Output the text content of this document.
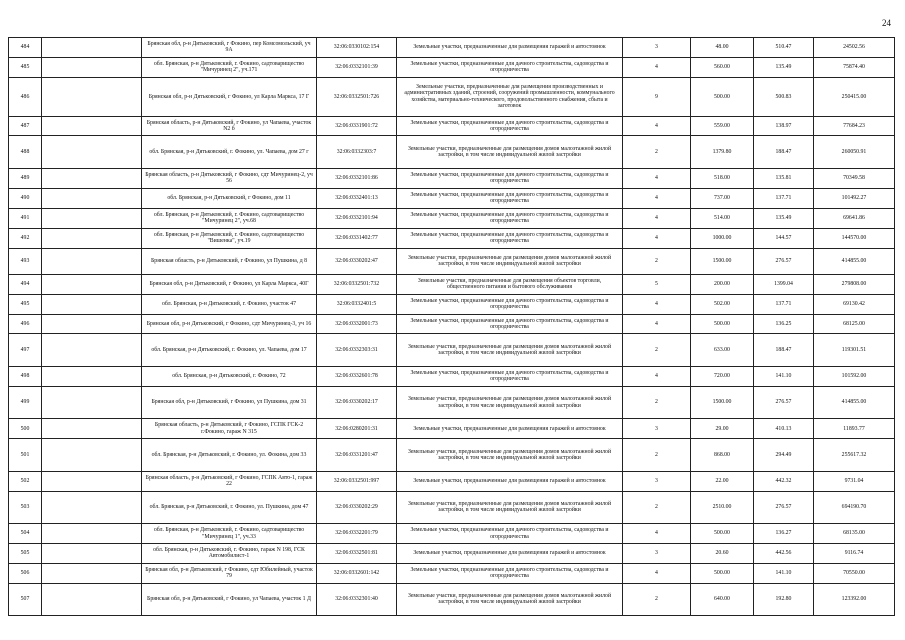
24
484		Брянская обл, р-н Дятьковский, г Фокино, пер Комсомольский, уч 9А	32:06:0330102:154	Земельные участки, предназначенные для размещения гаражей и автостоянок	3	48.00	510.47	24502.56
485		обл. Брянская, р-н Дятьковский, г. Фокино, садтоварищество "Мичуринец 2", уч.171	32:06:0332101:39	Земельные участки, предназначенные для дачного строительства, садоводства и огородничества	4	560.00	135.49	75874.40
486		Брянская обл, р-н Дятьковский, г Фокино, ул Карла Маркса, 17 Г	32:06:0332501:726	Земельные участки, предназначенные для размещения производственных и административных зданий, строений, сооружений промышленности, коммунального хозяйства, материально-технического, продовольственного снабжения, сбыта и заготовок	9	500.00	500.83	250415.00
487		Брянская область, р-н Дятьковский, г Фокино, ул Чапаева, участок N2 б	32:06:0331901:72	Земельные участки, предназначенные для дачного строительства, садоводства и огородничества	4	559.00	138.97	77684.23
488		обл. Брянская, р-н Дятьковский, г. Фокино, ул. Чапаева, дом 27 г	32:06:0332303:7	Земельные участки, предназначенные для размещения домов малоэтажной жилой застройки, в том числе индивидуальной жилой застройки	2	1379.80	188.47	260050.91
489		Брянская область, р-н Дятьковский, г Фокино, сдт Мичуринец-2, уч 56	32:06:0332101:86	Земельные участки, предназначенные для дачного строительства, садоводства и огородничества	4	518.00	135.81	70349.58
490		обл. Брянская, р-н Дятьковский, г Фокино, дом 11	32:06:0332401:13	Земельные участки, предназначенные для дачного строительства, садоводства и огородничества	4	737.00	137.71	101492.27
491		обл. Брянская, р-н Дятьковский, г. Фокино, садтоварищество "Мичуринец 2", уч.68	32:06:0332101:94	Земельные участки, предназначенные для дачного строительства, садоводства и огородничества	4	514.00	135.49	69641.86
492		обл. Брянская, р-н Дятьковский, г. Фокино, садтоварищество "Вишенка", уч.19	32:06:0331402:77	Земельные участки, предназначенные для дачного строительства, садоводства и огородничества	4	1000.00	144.57	144570.00
493		Брянская область, р-н Дятьковский, г Фокино, ул Пушкина, д 8	32:06:0330202:47	Земельные участки, предназначенные для размещения домов малоэтажной жилой застройки, в том числе индивидуальной жилой застройки	2	1500.00	276.57	414855.00
494		Брянская обл, р-н Дятьковский, г Фокино, ул Карла Маркса, 40Г	32:06:0332501:732	Земельные участки, предназначенные для размещения объектов торговли, общественного питания и бытового обслуживания	5	200.00	1399.04	279808.00
495		обл. Брянская, р-н Дятьковский, г. Фокино, участок 47	32:06:0332401:5	Земельные участки, предназначенные для дачного строительства, садоводства и огородничества	4	502.00	137.71	69130.42
496		Брянская обл, р-н Дятьковский, г Фокино, сдт Мичуринец-3, уч 16	32:06:0332001:73	Земельные участки, предназначенные для дачного строительства, садоводства и огородничества	4	500.00	136.25	68125.00
497		обл. Брянская, р-н Дятьковский, г. Фокино, ул. Чапаева, дом 17	32:06:0332303:31	Земельные участки, предназначенные для размещения домов малоэтажной жилой застройки, в том числе индивидуальной жилой застройки	2	633.00	188.47	119301.51
498		обл. Брянская, р-н Дятьковский, г. Фокино, 72	32:06:0332601:78	Земельные участки, предназначенные для дачного строительства, садоводства и огородничества	4	720.00	141.10	101592.00
499		Брянская обл, р-н Дятьковский, г Фокино, ул Пушкина, дом 31	32:06:0330202:17	Земельные участки, предназначенные для размещения домов малоэтажной жилой застройки, в том числе индивидуальной жилой застройки	2	1500.00	276.57	414855.00
500		Брянская область, р-н Дятьковский, г Фокино, ГСПК ГСК-2 г.Фокино, гараж N 315	32:06:0280201:31	Земельные участки, предназначенные для размещения гаражей и автостоянок	3	29.00	410.13	11893.77
501		обл. Брянская, р-н Дятьковский, г. Фокино, ул. Фокина, дом 33	32:06:0331201:47	Земельные участки, предназначенные для размещения домов малоэтажной жилой застройки, в том числе индивидуальной жилой застройки	2	868.00	294.49	255617.32
502		Брянская область, р-н Дятьковский, г Фокино, ГСПК Авто-1, гараж 22	32:06:0332501:997	Земельные участки, предназначенные для размещения гаражей и автостоянок	3	22.00	442.32	9731.04
503		обл. Брянская, р-н Дятьковский, г. Фокино, ул. Пушкина, дом 47	32:06:0330202:29	Земельные участки, предназначенные для размещения домов малоэтажной жилой застройки, в том числе индивидуальной жилой застройки	2	2510.00	276.57	694190.70
504		обл. Брянская, р-н Дятьковский, г. Фокино, садтоварищество "Мичуринец 1", уч.33	32:06:0332201:79	Земельные участки, предназначенные для дачного строительства, садоводства и огородничества	4	500.00	136.27	68135.00
505		обл. Брянская, р-н Дятьковский, г. Фокино, гараж N 198, ГСК Автомобилист-1	32:06:0332501:81	Земельные участки, предназначенные для размещения гаражей и автостоянок	3	20.60	442.56	9116.74
506		Брянская обл, р-н Дятьковский, г Фокино, сдт Юбилейный, участок 79	32:06:0332601:142	Земельные участки, предназначенные для дачного строительства, садоводства и огородничества	4	500.00	141.10	70550.00
507		Брянская обл, р-н Дятьковский, г Фокино, ул Чапаева, участок 1 Д	32:06:0332301:40	Земельные участки, предназначенные для размещения домов малоэтажной жилой застройки, в том числе индивидуальной жилой застройки	2	640.00	192.80	123392.00
